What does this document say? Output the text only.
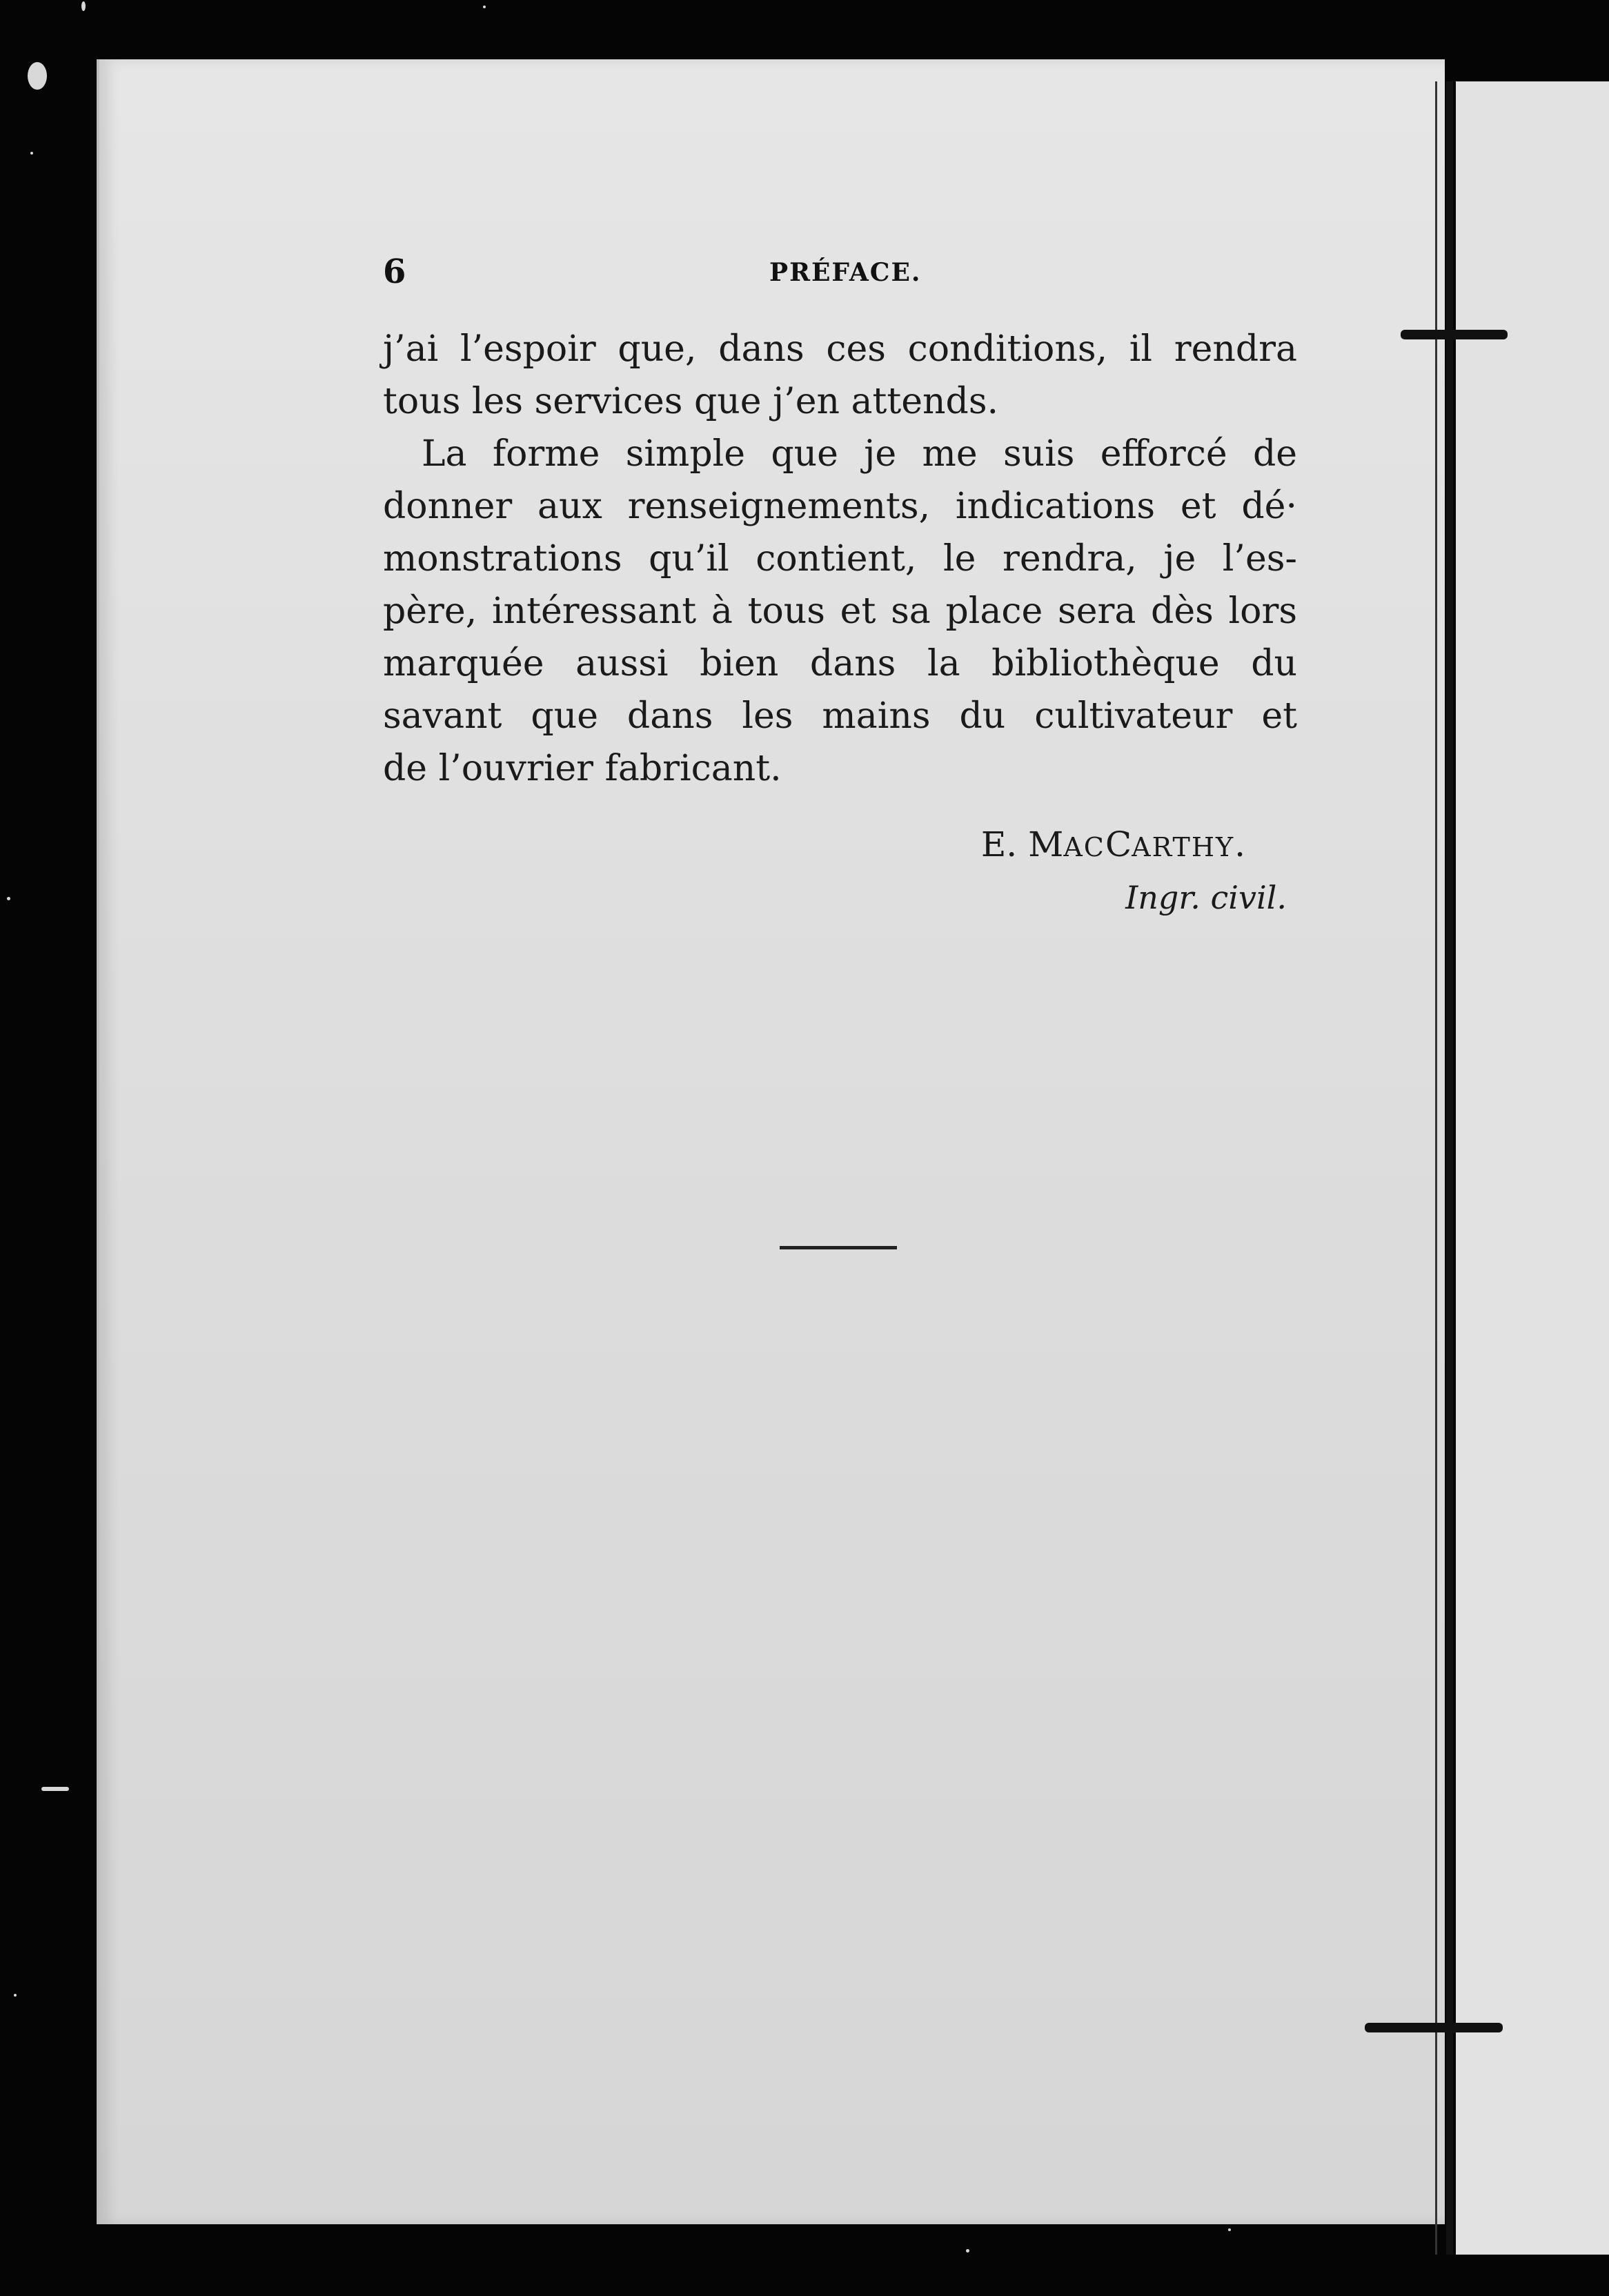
6	PRÉFACE.
j’ai l’espoir que, dans ces conditions, il rendra
tous les services que j’en attends.
La forme simple que je me suis efforcé de
donner aux renseignements, indications et dé·
monstrations qu’il contient, le rendra, je l’es-
père, intéressant à tous et sa place sera dès lors
marquée aussi bien dans la bibliothèque du
savant que dans les mains du cultivateur et
de l’ouvrier fabricant.
E. MACCARTHY.
Ingr. civil.
